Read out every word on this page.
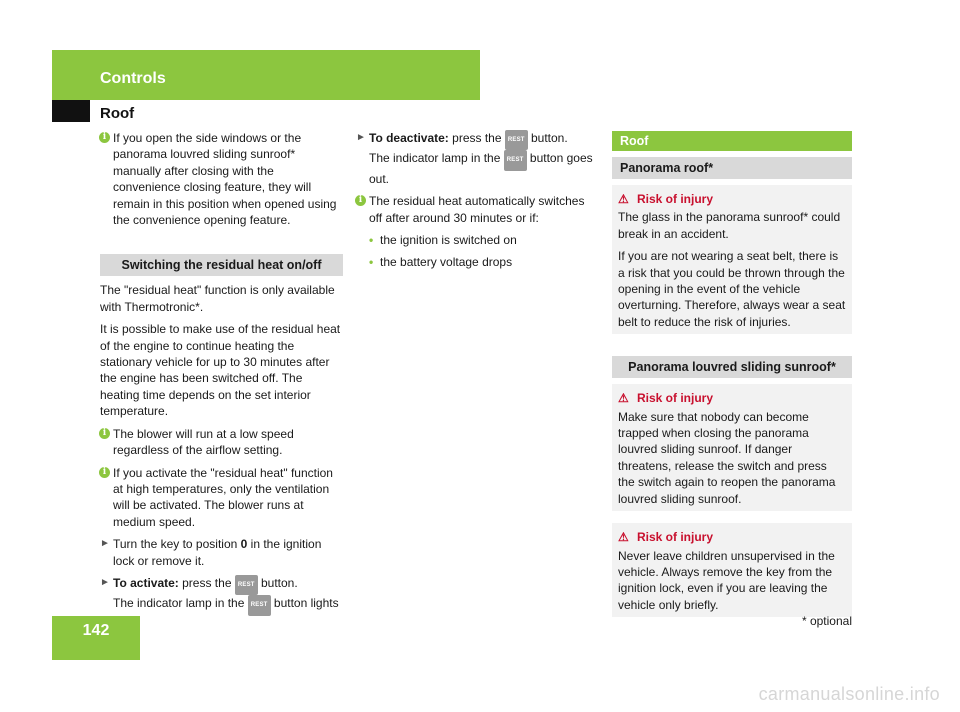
Controls
Roof
i If you open the side windows or the panorama louvred sliding sunroof* manually after closing with the convenience closing feature, they will remain in this position when opened using the convenience opening feature.
Switching the residual heat on/off

The "residual heat" function is only available with Thermotronic*.

It is possible to make use of the residual heat of the engine to continue heating the stationary vehicle for up to 30 minutes after the engine has been switched off. The heating time depends on the set interior temperature.

i The blower will run at a low speed regardless of the airflow setting.
i If you activate the "residual heat" function at high temperatures, only the ventilation will be activated. The blower runs at medium speed.
► Turn the key to position 0 in the ignition lock or remove it.
► To activate: press the REST button.
The indicator lamp in the REST button lights
► To deactivate: press the REST button.
The indicator lamp in the REST button goes out.
i The residual heat automatically switches off after around 30 minutes or if:
• the ignition is switched on
• the battery voltage drops
Roof
Panorama roof*
⚠ Risk of injury

The glass in the panorama sunroof* could break in an accident.

If you are not wearing a seat belt, there is a risk that you could be thrown through the opening in the event of the vehicle overturning. Therefore, always wear a seat belt to reduce the risk of injuries.

Panorama louvred sliding sunroof*
⚠ Risk of injury

Make sure that nobody can become trapped when closing the panorama louvred sliding sunroof. If danger threatens, release the switch and press the switch again to reopen the panorama louvred sliding sunroof.

⚠ Risk of injury

Never leave children unsupervised in the vehicle. Always remove the key from the ignition lock, even if you are leaving the vehicle only briefly.

142
* optional
carmanualsonline.info
